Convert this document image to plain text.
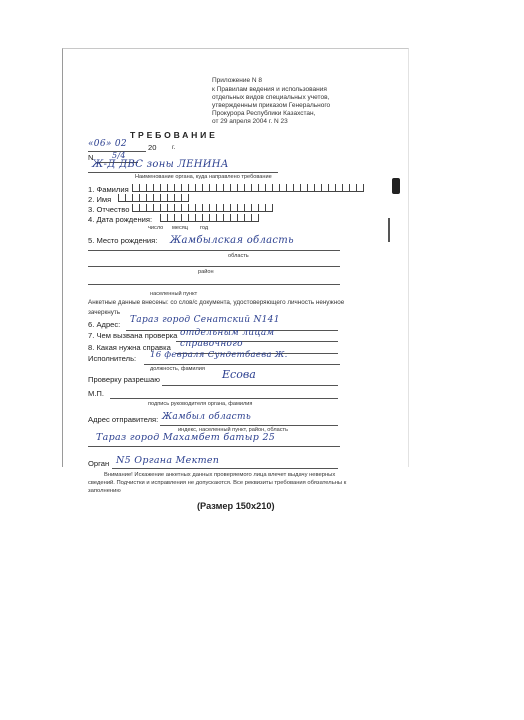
Приложение N 8
к Правилам ведения и использования
отдельных видов специальных учетов,
утвержденным приказом Генерального
Прокурора Республики Казахстан,
от 29 апреля 2004 г. N 23
ТРЕБОВАНИЕ
«06» 02	20 г.
N 5/4
Ж-Д ДВС зоны ЛЕНИНА
Наименование органа, куда направлено требование
1. Фамилия
2. Имя
3. Отчество
4. Дата рождения:
число месяц год
5. Место рождения: Жамбылская область
область
район
населенный пункт
Анкетные данные внесены: со слов/с документа, удостоверяющего личность ненужное
зачеркнуть
6. Адрес: Тараз город Сенатский N141
7. Чем вызвана проверка отдельным лицам
8. Какая нужна справка справочного
Исполнитель: 16 февраля Сундетбаева Ж.
должность, фамилия
Проверку разрешаю	Есова
М.П.
подпись руководителя органа, фамилия
Адрес отправителя: Жамбыл область
индекс, населенный пункт, район, область
Тараз город Махамбет батыр 25
Орган N5 Органа Мектеп
Внимание! Искажение анкетных данных проверяемого лица влечет выдачу неверных
сведений. Подчистки и исправления не допускаются. Все реквизиты требования обязательны к
заполнению
(Размер 150x210)
